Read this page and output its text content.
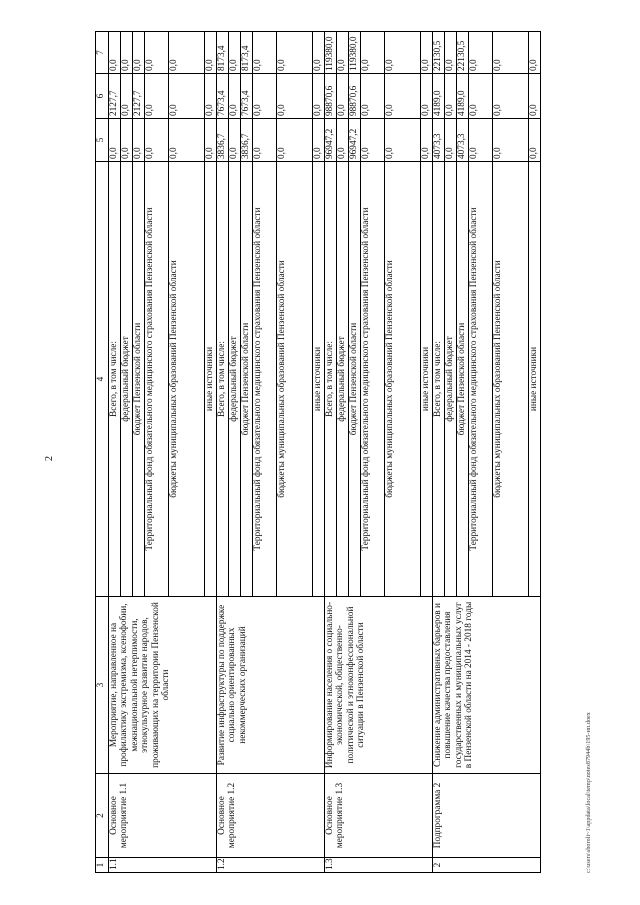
2
1	2	3	4	5	6	7
1.1	Основное мероприятие 1.1	Мероприятие, направленное на профилактику экстремизма, ксенофобии, межнациональной нетерпимости, этнокультурное развитие народов, проживающих на территории Пензенской области	Всего, в том числе:	0,0	2127,7	0,0
			федеральный бюджет	0,0	0,0	0,0
			бюджет Пензенской области	0,0	2127,7	0,0
			Территориальный фонд обязательного медицинского страхования Пензенской области	0,0	0,0	0,0
			бюджеты муниципальных образований Пензенской области	0,0	0,0	0,0
			иные источники	0,0	0,0	0,0
1.2	Основное мероприятие 1.2	Развитие инфраструктуры по поддержке социально ориентированных некоммерческих организаций	Всего, в том числе:	3836,7	7673,4	8173,4
			федеральный бюджет	0,0	0,0	0,0
			бюджет Пензенской области	3836,7	7673,4	8173,4
			Территориальный фонд обязательного медицинского страхования Пензенской области	0,0	0,0	0,0
			бюджеты муниципальных образований Пензенской области	0,0	0,0	0,0
			иные источники	0,0	0,0	0,0
1.3	Основное мероприятие 1.3	Информирование населения о социально-экономической, общественно-политической и этноконфессиональной ситуации в Пензенской области	Всего, в том числе:	96947,2	98870,6	119380,0
			федеральный бюджет	0,0	0,0	0,0
			бюджет Пензенской области	96947,2	98870,6	119380,0
			Территориальный фонд обязательного медицинского страхования Пензенской области	0,0	0,0	0,0
			бюджеты муниципальных образований Пензенской области	0,0	0,0	0,0
			иные источники	0,0	0,0	0,0
2	Подпрограмма 2	Снижение административных барьеров и повышение качества предоставления государственных и муниципальных услуг в Пензенской области на 2014 - 2018 годы	Всего, в том числе:	4073,3	4189,0	22130,5
			федеральный бюджет	0,0	0,0	0,0
			бюджет Пензенской области	4073,3	4189,0	22130,5
			Территориальный фонд обязательного медицинского страхования Пензенской области	0,0	0,0	0,0
			бюджеты муниципальных образований Пензенской области	0,0	0,0	0,0
			иные источники	0,0	0,0	0,0
c:\users\sboroli~1\appdata\local\temp\notes87944b\195-нп.doex
